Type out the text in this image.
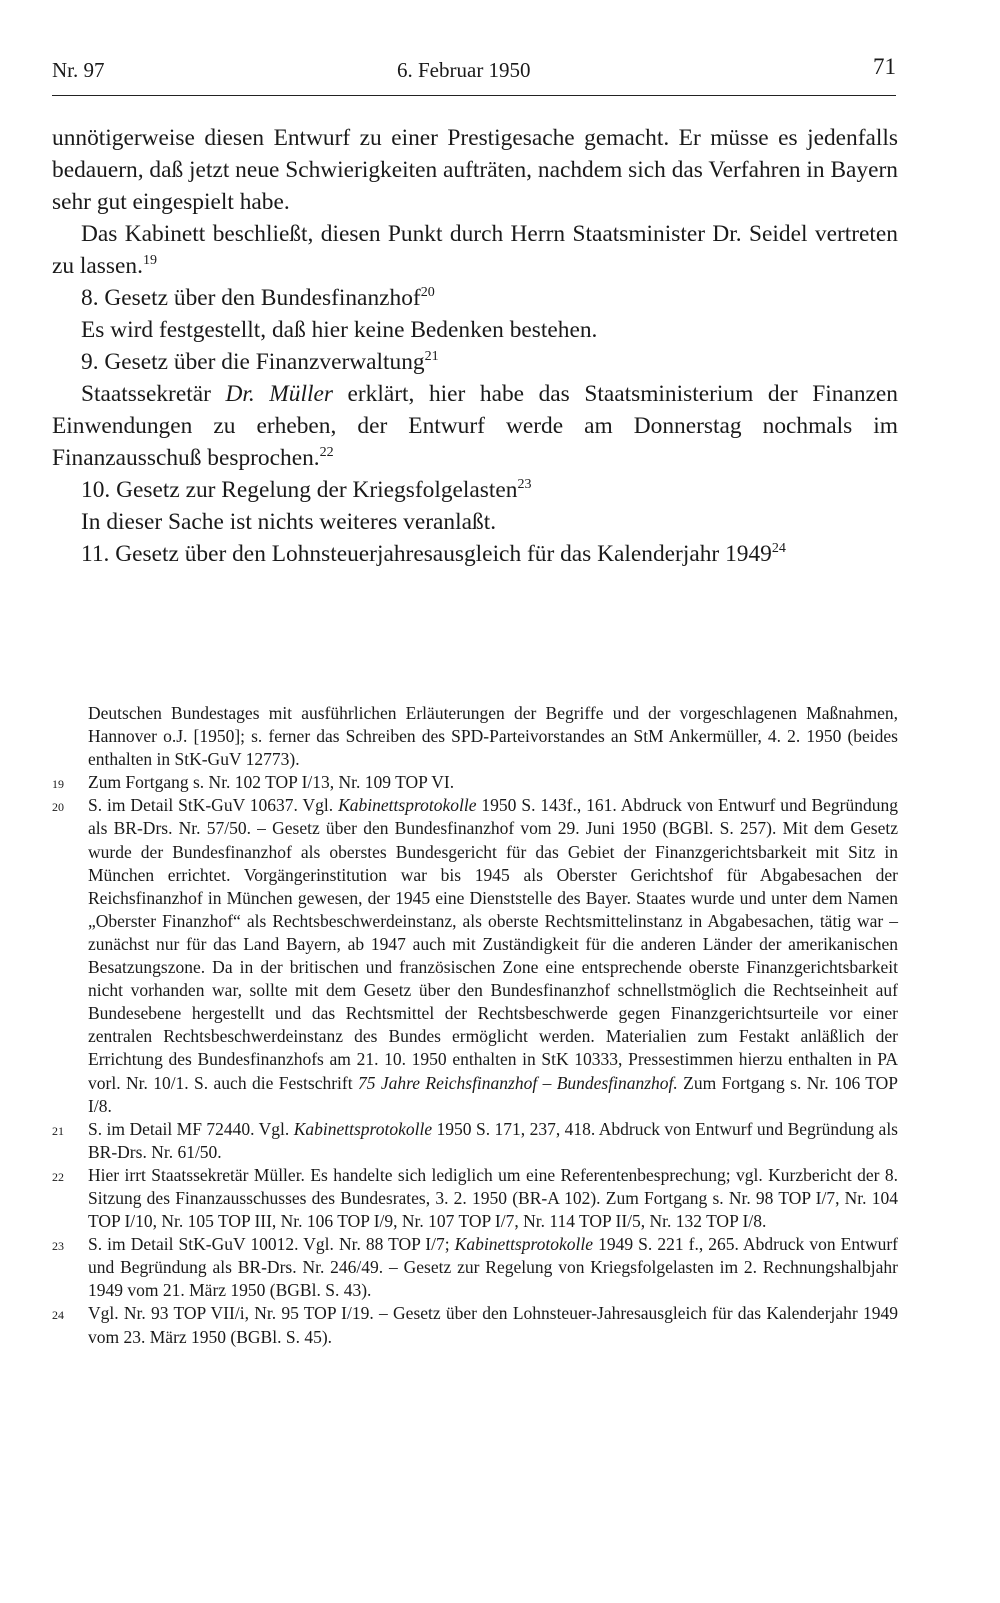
Nr. 97	6. Februar 1950	71

unnötigerweise diesen Entwurf zu einer Prestigesache gemacht. Er müsse es jedenfalls bedauern, daß jetzt neue Schwierigkeiten aufträten, nachdem sich das Verfahren in Bayern sehr gut eingespielt habe.

Das Kabinett beschließt, diesen Punkt durch Herrn Staatsminister Dr. Seidel vertreten zu lassen.$^{19}$

8. Gesetz über den Bundesfinanzhof$^{20}$

Es wird festgestellt, daß hier keine Bedenken bestehen.

9. Gesetz über die Finanzverwaltung$^{21}$

Staatssekretär Dr. Müller erklärt, hier habe das Staatsministerium der Finanzen Einwendungen zu erheben, der Entwurf werde am Donnerstag nochmals im Finanzausschuß besprochen.$^{22}$

10. Gesetz zur Regelung der Kriegsfolgelasten$^{23}$

In dieser Sache ist nichts weiteres veranlaßt.

11. Gesetz über den Lohnsteuerjahresausgleich für das Kalenderjahr 1949$^{24}$

Deutschen Bundestages mit ausführlichen Erläuterungen der Begriffe und der vorgeschlagenen Maßnahmen, Hannover o.J. [1950]; s. ferner das Schreiben des SPD-Parteivorstandes an StM Ankermüller, 4. 2. 1950 (beides enthalten in StK-GuV 12773).

19 Zum Fortgang s. Nr. 102 TOP I/13, Nr. 109 TOP VI.

20 S. im Detail StK-GuV 10637. Vgl. Kabinettsprotokolle 1950 S. 143f., 161. Abdruck von Entwurf und Begründung als BR-Drs. Nr. 57/50. – Gesetz über den Bundesfinanzhof vom 29. Juni 1950 (BGBl. S. 257). Mit dem Gesetz wurde der Bundesfinanzhof als oberstes Bundesgericht für das Gebiet der Finanzgerichtsbarkeit mit Sitz in München errichtet. Vorgängerinstitution war bis 1945 als Oberster Gerichtshof für Abgabesachen der Reichsfinanzhof in München gewesen, der 1945 eine Dienststelle des Bayer. Staates wurde und unter dem Namen „Oberster Finanzhof“ als Rechtsbeschwerdeinstanz, als oberste Rechtsmittelinstanz in Abgabesachen, tätig war – zunächst nur für das Land Bayern, ab 1947 auch mit Zuständigkeit für die anderen Länder der amerikanischen Besatzungszone. Da in der britischen und französischen Zone eine entsprechende oberste Finanzgerichtsbarkeit nicht vorhanden war, sollte mit dem Gesetz über den Bundesfinanzhof schnellstmöglich die Rechtseinheit auf Bundesebene hergestellt und das Rechtsmittel der Rechtsbeschwerde gegen Finanzgerichtsurteile vor einer zentralen Rechtsbeschwerdeinstanz des Bundes ermöglicht werden. Materialien zum Festakt anläßlich der Errichtung des Bundesfinanzhofs am 21. 10. 1950 enthalten in StK 10333, Pressestimmen hierzu enthalten in PA vorl. Nr. 10/1. S. auch die Festschrift 75 Jahre Reichsfinanzhof – Bundesfinanzhof. Zum Fortgang s. Nr. 106 TOP I/8.

21 S. im Detail MF 72440. Vgl. Kabinettsprotokolle 1950 S. 171, 237, 418. Abdruck von Entwurf und Begründung als BR-Drs. Nr. 61/50.

22 Hier irrt Staatssekretär Müller. Es handelte sich lediglich um eine Referentenbesprechung; vgl. Kurzbericht der 8. Sitzung des Finanzausschusses des Bundesrates, 3. 2. 1950 (BR-A 102). Zum Fortgang s. Nr. 98 TOP I/7, Nr. 104 TOP I/10, Nr. 105 TOP III, Nr. 106 TOP I/9, Nr. 107 TOP I/7, Nr. 114 TOP II/5, Nr. 132 TOP I/8.

23 S. im Detail StK-GuV 10012. Vgl. Nr. 88 TOP I/7; Kabinettsprotokolle 1949 S. 221 f., 265. Abdruck von Entwurf und Begründung als BR-Drs. Nr. 246/49. – Gesetz zur Regelung von Kriegsfolgelasten im 2. Rechnungshalbjahr 1949 vom 21. März 1950 (BGBl. S. 43).

24 Vgl. Nr. 93 TOP VII/i, Nr. 95 TOP I/19. – Gesetz über den Lohnsteuer-Jahresausgleich für das Kalenderjahr 1949 vom 23. März 1950 (BGBl. S. 45).
